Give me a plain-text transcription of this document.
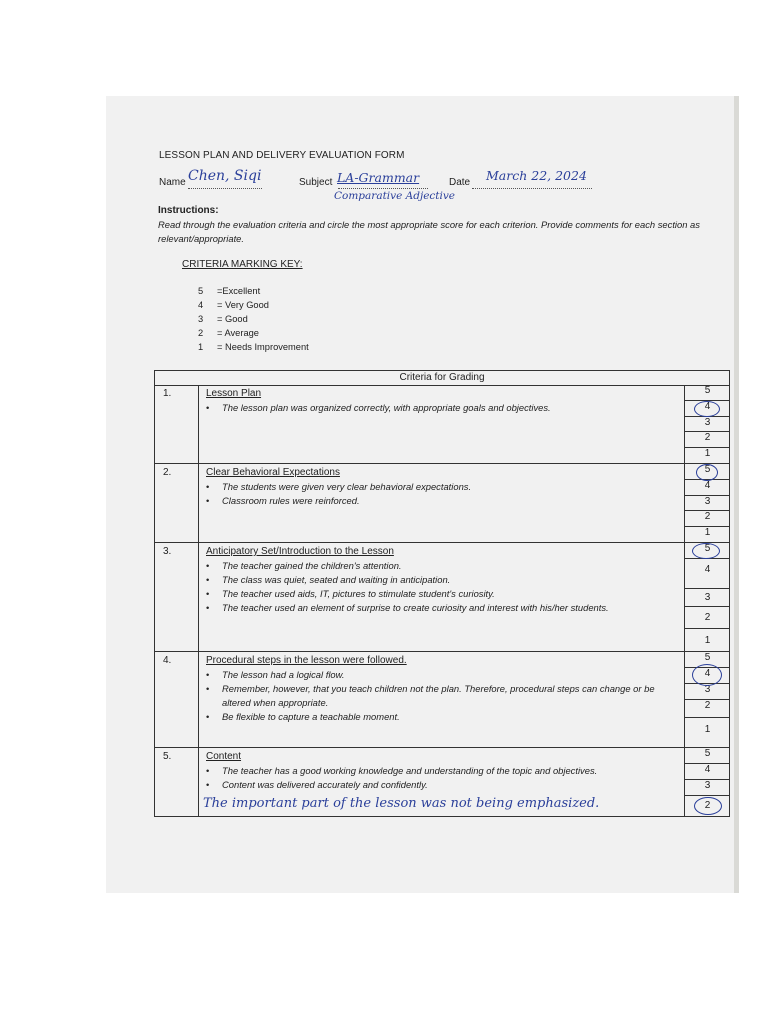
LESSON PLAN AND DELIVERY EVALUATION FORM
Name Chen, Siqi	Subject LA-Grammar
Comparative Adjective
Date March 22, 2024
Instructions:
Read through the evaluation criteria and circle the most appropriate score for each criterion. Provide comments for each section as relevant/appropriate.
CRITERIA MARKING KEY:
5 =Excellent
4 = Very Good
3 = Good
2 = Average
1 = Needs Improvement
Criteria for Grading
1.	Lesson Plan
• The lesson plan was organized correctly, with appropriate goals and objectives.
5
4
3
2
1
2.	Clear Behavioral Expectations
• The students were given very clear behavioral expectations.
• Classroom rules were reinforced.
5
4
3
2
1
3.	Anticipatory Set/Introduction to the Lesson
• The teacher gained the children's attention.
• The class was quiet, seated and waiting in anticipation.
• The teacher used aids, IT, pictures to stimulate student's curiosity.
• The teacher used an element of surprise to create curiosity and interest with his/her students.
5
4
3
2
1
4.	Procedural steps in the lesson were followed.
• The lesson had a logical flow.
• Remember, however, that you teach children not the plan. Therefore, procedural steps can change or be altered when appropriate.
• Be flexible to capture a teachable moment.
5
4
3
2
1
5.	Content
• The teacher has a good working knowledge and understanding of the topic and objectives.
• Content was delivered accurately and confidently.
5
4
3
2
The important part of the lesson was not being emphasized.
